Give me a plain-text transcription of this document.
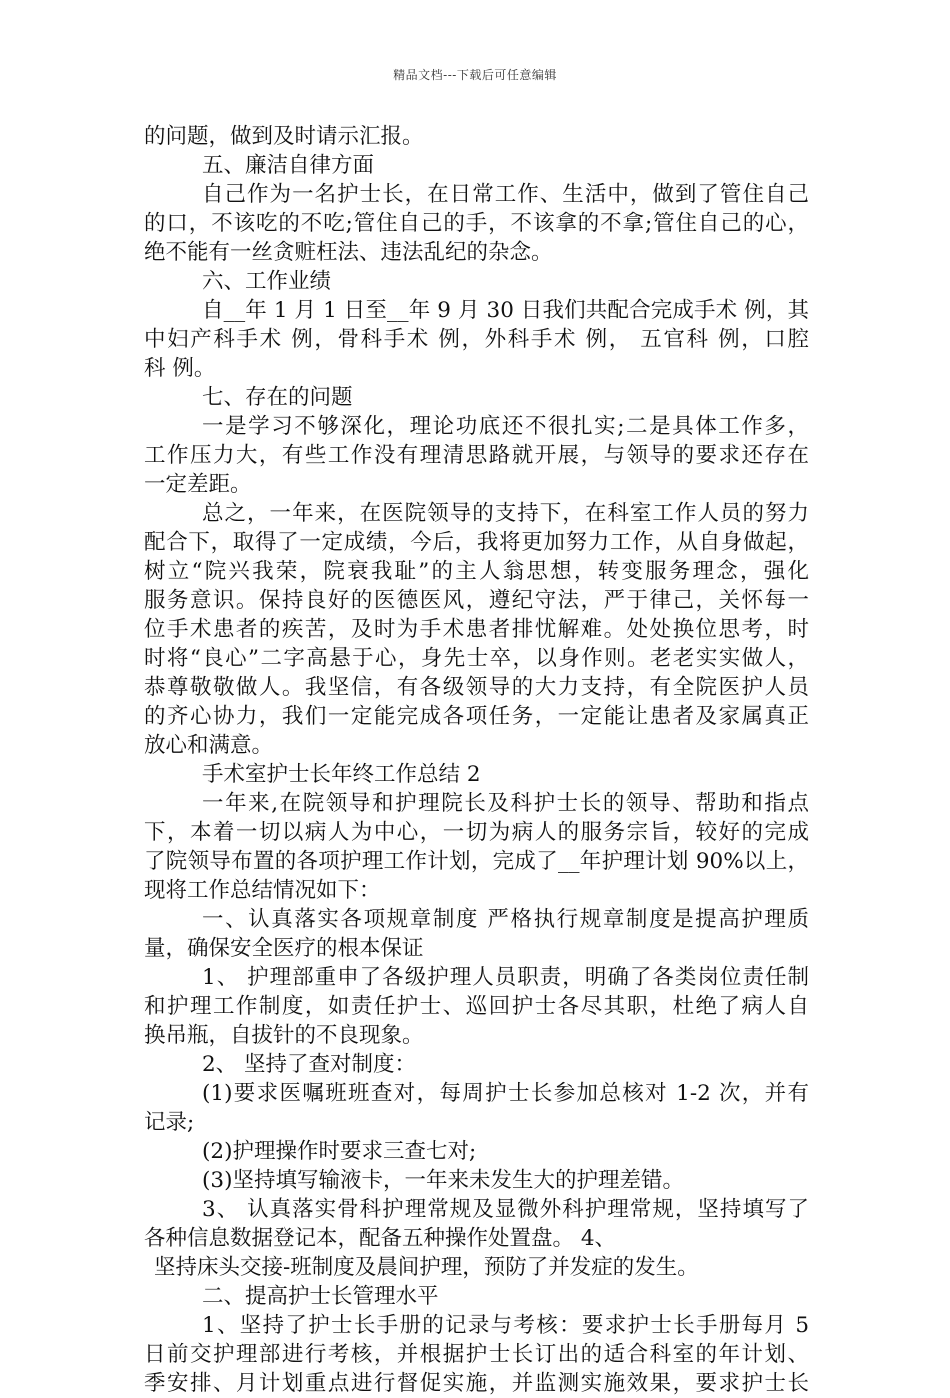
精品文档---下载后可任意编辑
的问题，做到及时请示汇报。
五、廉洁自律方面
自己作为一名护士长，在日常工作、生活中，做到了管住自己
的口，不该吃的不吃;管住自己的手，不该拿的不拿;管住自己的心，
绝不能有一丝贪赃枉法、违法乱纪的杂念。
六、工作业绩
自__年 1 月 1 日至__年 9 月 30 日我们共配合完成手术 例，其
中妇产科手术 例，骨科手术 例，外科手术 例， 五官科 例，口腔
科 例。
七、存在的问题
一是学习不够深化，理论功底还不很扎实;二是具体工作多，
工作压力大，有些工作没有理清思路就开展，与领导的要求还存在
一定差距。
总之，一年来，在医院领导的支持下，在科室工作人员的努力
配合下，取得了一定成绩，今后，我将更加努力工作，从自身做起，
树立“院兴我荣，院衰我耻”的主人翁思想，转变服务理念，强化
服务意识。保持良好的医德医风，遵纪守法，严于律己，关怀每一
位手术患者的疾苦，及时为手术患者排忧解难。处处换位思考，时
时将“良心”二字高悬于心，身先士卒，以身作则。老老实实做人，
恭尊敬敬做人。我坚信，有各级领导的大力支持，有全院医护人员
的齐心协力，我们一定能完成各项任务，一定能让患者及家属真正
放心和满意。
手术室护士长年终工作总结 2
一年来,在院领导和护理院长及科护士长的领导、帮助和指点
下，本着一切以病人为中心，一切为病人的服务宗旨，较好的完成
了院领导布置的各项护理工作计划，完成了__年护理计划 90%以上，
现将工作总结情况如下：
一、认真落实各项规章制度 严格执行规章制度是提高护理质
量，确保安全医疗的根本保证
1、 护理部重申了各级护理人员职责，明确了各类岗位责任制
和护理工作制度，如责任护士、巡回护士各尽其职，杜绝了病人自
换吊瓶，自拔针的不良现象。
2、 坚持了查对制度：
(1)要求医嘱班班查对，每周护士长参加总核对 1-2 次，并有
记录;
(2)护理操作时要求三查七对;
(3)坚持填写输液卡，一年来未发生大的护理差错。
3、 认真落实骨科护理常规及显微外科护理常规，坚持填写了
各种信息数据登记本，配备五种操作处置盘。 4、
坚持床头交接-班制度及晨间护理，预防了并发症的发生。
二、提高护士长管理水平
1、坚持了护士长手册的记录与考核：要求护士长手册每月 5
日前交护理部进行考核，并根据护士长订出的适合科室的年计划、
季安排、月计划重点进行督促实施，并监测实施效果，要求护士长
